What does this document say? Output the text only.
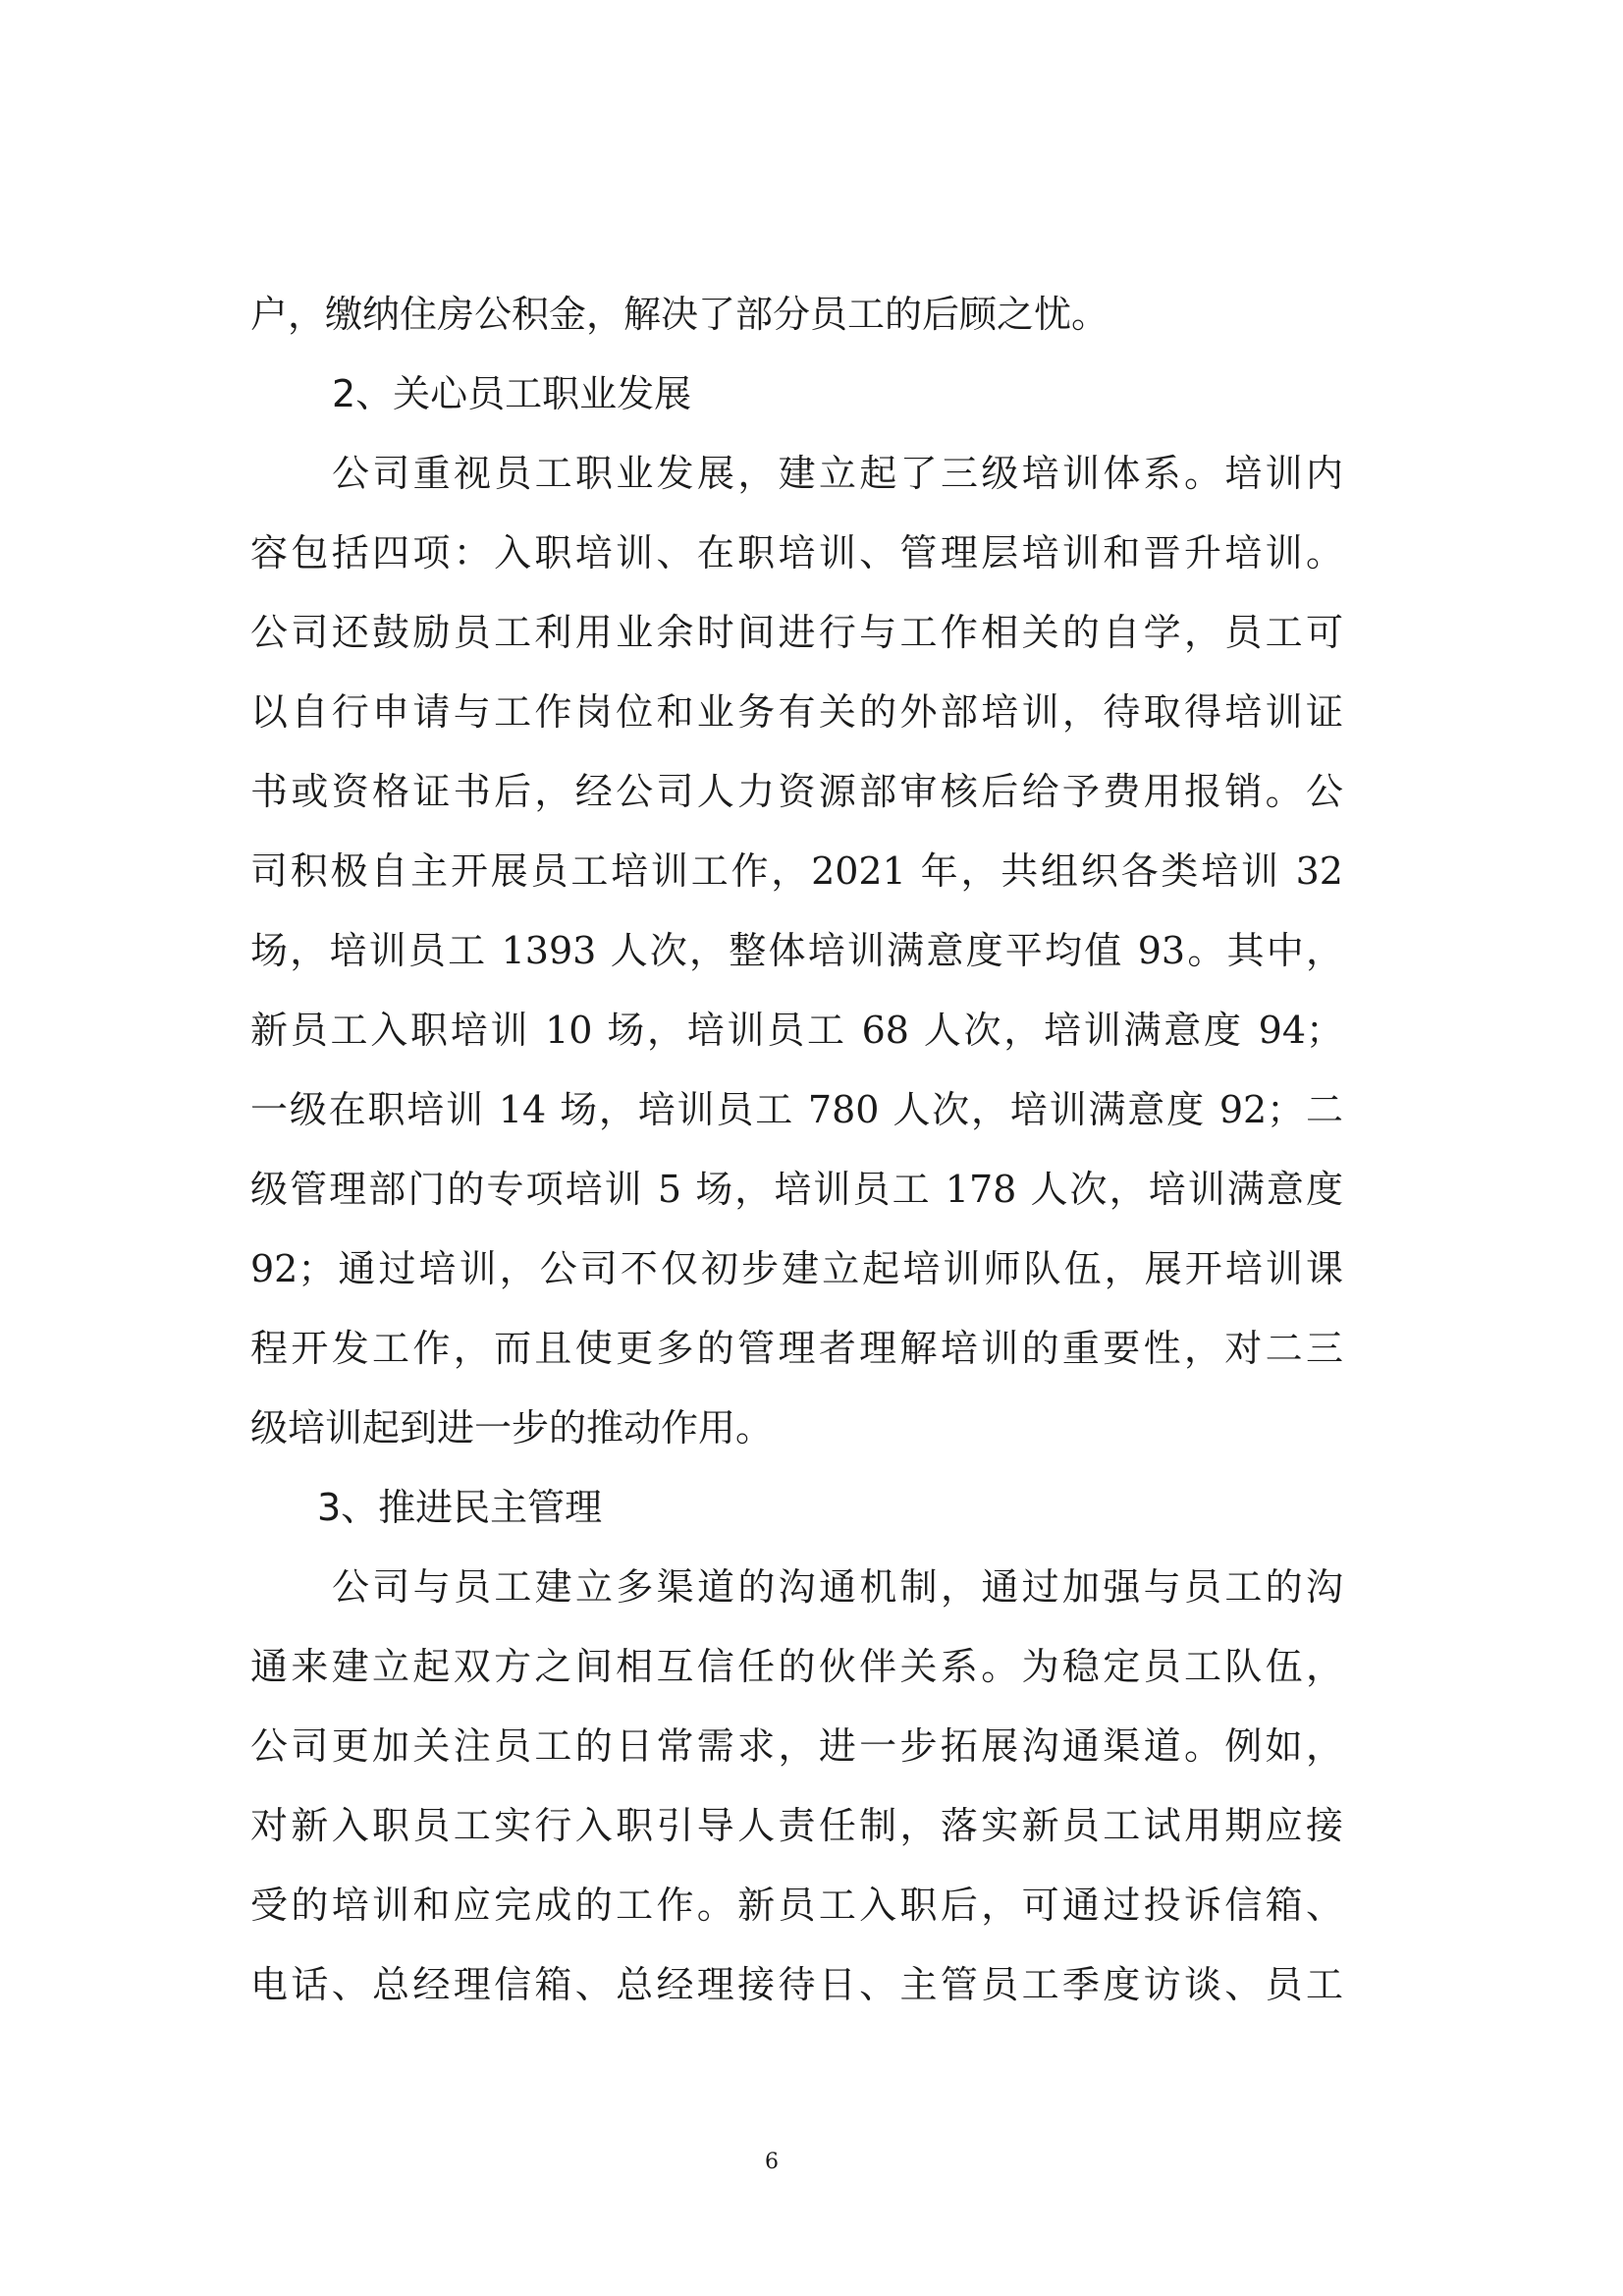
户，缴纳住房公积金，解决了部分员工的后顾之忧。
2、关心员工职业发展
公司重视员工职业发展，建立起了三级培训体系。培训内
容包括四项：入职培训、在职培训、管理层培训和晋升培训。
公司还鼓励员工利用业余时间进行与工作相关的自学，员工可
以自行申请与工作岗位和业务有关的外部培训，待取得培训证
书或资格证书后，经公司人力资源部审核后给予费用报销。公
司积极自主开展员工培训工作，2021 年，共组织各类培训 32
场，培训员工 1393 人次，整体培训满意度平均值 93。其中，
新员工入职培训 10 场，培训员工 68 人次，培训满意度 94；
一级在职培训 14 场，培训员工 780 人次，培训满意度 92；二
级管理部门的专项培训 5 场，培训员工 178 人次，培训满意度
92；通过培训，公司不仅初步建立起培训师队伍，展开培训课
程开发工作，而且使更多的管理者理解培训的重要性，对二三
级培训起到进一步的推动作用。
3、推进民主管理
公司与员工建立多渠道的沟通机制，通过加强与员工的沟
通来建立起双方之间相互信任的伙伴关系。为稳定员工队伍，
公司更加关注员工的日常需求，进一步拓展沟通渠道。例如，
对新入职员工实行入职引导人责任制，落实新员工试用期应接
受的培训和应完成的工作。新员工入职后，可通过投诉信箱、
电话、总经理信箱、总经理接待日、主管员工季度访谈、员工
6
